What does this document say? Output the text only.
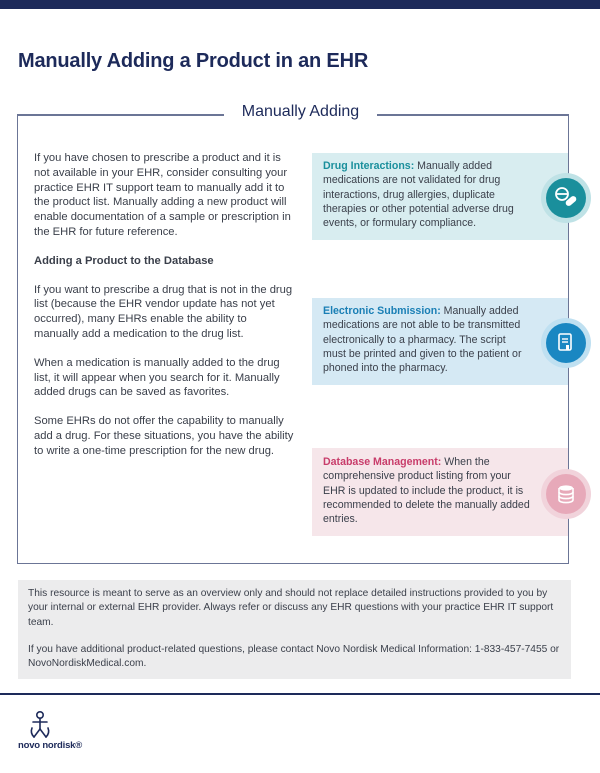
Manually Adding a Product in an EHR
Manually Adding

If you have chosen to prescribe a product and it is not available in your EHR, consider consulting your practice EHR IT support team to manually add it to the product list. Manually adding a new product will enable documentation of a sample or prescription in the EHR for future reference.

Adding a Product to the Database

If you want to prescribe a drug that is not in the drug list (because the EHR vendor update has not yet occurred), many EHRs enable the ability to manually add a medication to the drug list.

When a medication is manually added to the drug list, it will appear when you search for it. Manually added drugs can be saved as favorites.

Some EHRs do not offer the capability to manually add a drug. For these situations, you have the ability to write a one-time prescription for the new drug.

Drug Interactions: Manually added medications are not validated for drug interactions, drug allergies, duplicate therapies or other potential adverse drug events, or formulary compliance.
Electronic Submission: Manually added medications are not able to be transmitted electronically to a pharmacy. The script must be printed and given to the patient or phoned into the pharmacy.
Database Management: When the comprehensive product listing from your EHR is updated to include the product, it is recommended to delete the manually added entries.

This resource is meant to serve as an overview only and should not replace detailed instructions provided to you by your internal or external EHR provider. Always refer or discuss any EHR questions with your practice EHR IT support team.

If you have additional product-related questions, please contact Novo Nordisk Medical Information: 1-833-457-7455 or NovoNordiskMedical.com.

novo nordisk®
